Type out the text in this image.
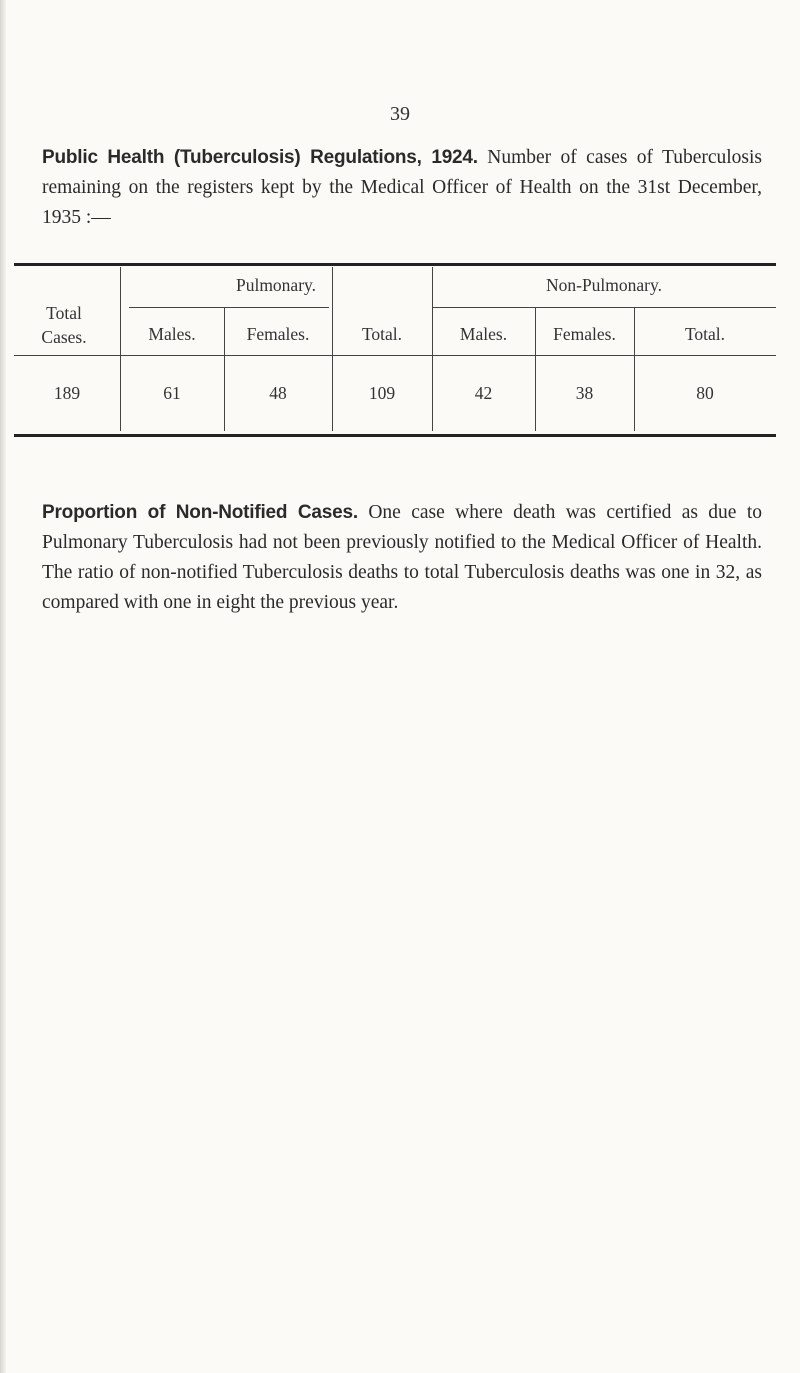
39

Public Health (Tuberculosis) Regulations, 1924. Number of cases of Tuberculosis remaining on the registers kept by the Medical Officer of Health on the 31st December, 1935 :—

Total
Cases.
Pulmonary.	Non-Pulmonary.
Males.	Females.	Total.	Males.	Females.	Total.
189	61	48	109	42	38	80

Proportion of Non-Notified Cases. One case where death was certified as due to Pulmonary Tuberculosis had not been previously notified to the Medical Officer of Health. The ratio of non-notified Tuberculosis deaths to total Tuberculosis deaths was one in 32, as compared with one in eight the previous year.
